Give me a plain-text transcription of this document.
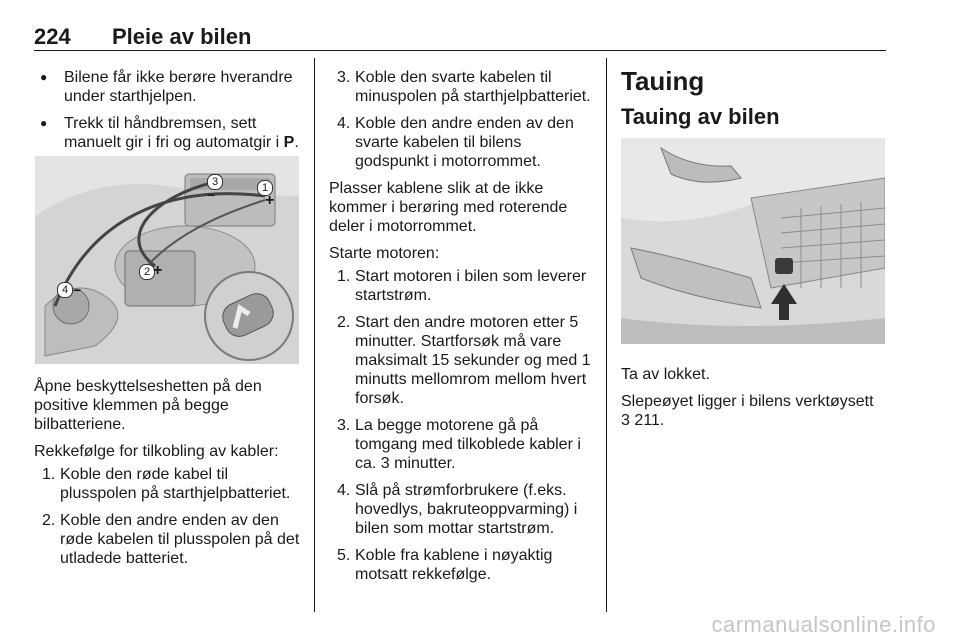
224 Pleie av bilen
● Bilene får ikke berøre hverandre under starthjelpen.
● Trekk til håndbremsen, sett manuelt gir i fri og automatgir i P.
3
−	1
+
2 +
4 −
Åpne beskyttelseshetten på den positive klemmen på begge bilbatteriene.
Rekkefølge for tilkobling av kabler:
1. Koble den røde kabel til plusspolen på starthjelpbatteriet.
2. Koble den andre enden av den røde kabelen til plusspolen på det utladede batteriet.
3. Koble den svarte kabelen til minuspolen på starthjelpbatteriet.
4. Koble den andre enden av den svarte kabelen til bilens godspunkt i motorrommet.
Plasser kablene slik at de ikke kommer i berøring med roterende deler i motorrommet.
Starte motoren:
1. Start motoren i bilen som leverer startstrøm.
2. Start den andre motoren etter 5 minutter. Startforsøk må vare maksimalt 15 sekunder og med 1 minutts mellomrom mellom hvert forsøk.
3. La begge motorene gå på tomgang med tilkoblede kabler i ca. 3 minutter.
4. Slå på strømforbrukere (f.eks. hovedlys, bakruteoppvarming) i bilen som mottar startstrøm.
5. Koble fra kablene i nøyaktig motsatt rekkefølge.
Tauing
Tauing av bilen
Ta av lokket.
Slepeøyet ligger i bilens verktøysett
3 211.
carmanualsonline.info
